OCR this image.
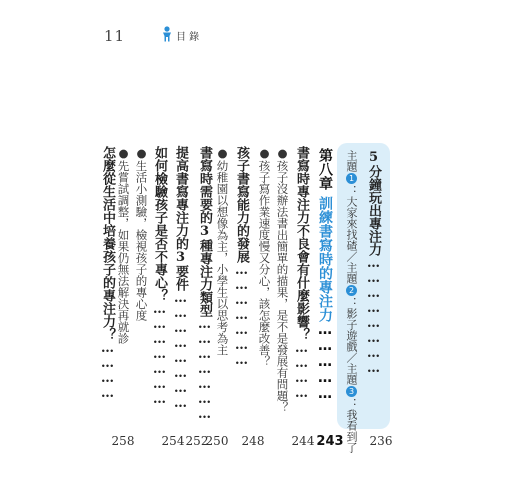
11	目 錄
5分鐘玩出專注力……………………
主題1：大家來找碴／主題2：影子遊戲／主題3：我看到了 236
第八章訓練書寫時的專注力……………
243
書寫時專注力不良會有什麼影響？…………
●孩子沒辦法書出簡單的描果，是不是發展有問題？
●孩子寫作業速度慢又分心，該怎麼改善？
244
孩子書寫能力的發展…………………
●幼稚園以想像為主，小學生以思考為主
248
書寫時需要的3種專注力類型…………………
250
提高書寫專注力的3要件……………………
252
如何檢驗孩子是否不專心？…………………
●生活小測驗，檢視孩子的專心度
●先嘗試調整，如果仍無法解決再就診
254
怎麼從生活中培養孩子的專注力？…………
258
